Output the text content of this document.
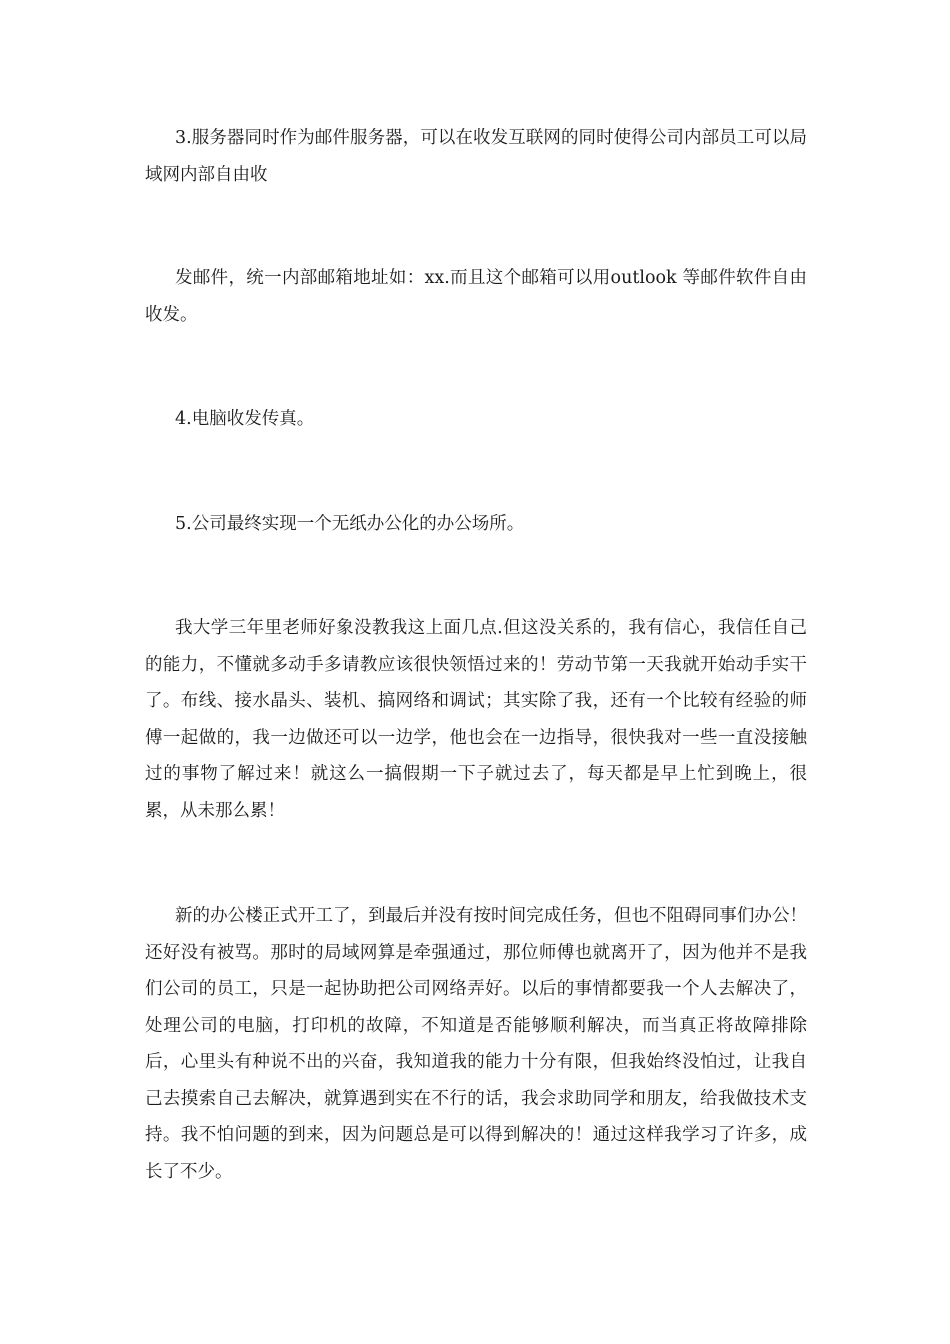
3.服务器同时作为邮件服务器，可以在收发互联网的同时使得公司内部员工可以局域网内部自由收

发邮件，统一内部邮箱地址如：xx.而且这个邮箱可以用outlook 等邮件软件自由收发。

4.电脑收发传真。

5.公司最终实现一个无纸办公化的办公场所。

我大学三年里老师好象没教我这上面几点.但这没关系的，我有信心，我信任自己的能力，不懂就多动手多请教应该很快领悟过来的！劳动节第一天我就开始动手实干了。布线、接水晶头、装机、搞网络和调试；其实除了我，还有一个比较有经验的师傅一起做的，我一边做还可以一边学，他也会在一边指导，很快我对一些一直没接触过的事物了解过来！就这么一搞假期一下子就过去了，每天都是早上忙到晚上，很累，从未那么累！

新的办公楼正式开工了，到最后并没有按时间完成任务，但也不阻碍同事们办公！还好没有被骂。那时的局域网算是牵强通过，那位师傅也就离开了，因为他并不是我们公司的员工，只是一起协助把公司网络弄好。以后的事情都要我一个人去解决了，处理公司的电脑，打印机的故障，不知道是否能够顺利解决，而当真正将故障排除后，心里头有种说不出的兴奋，我知道我的能力十分有限，但我始终没怕过，让我自己去摸索自己去解决，就算遇到实在不行的话，我会求助同学和朋友，给我做技术支持。我不怕问题的到来，因为问题总是可以得到解决的！通过这样我学习了许多，成长了不少。
